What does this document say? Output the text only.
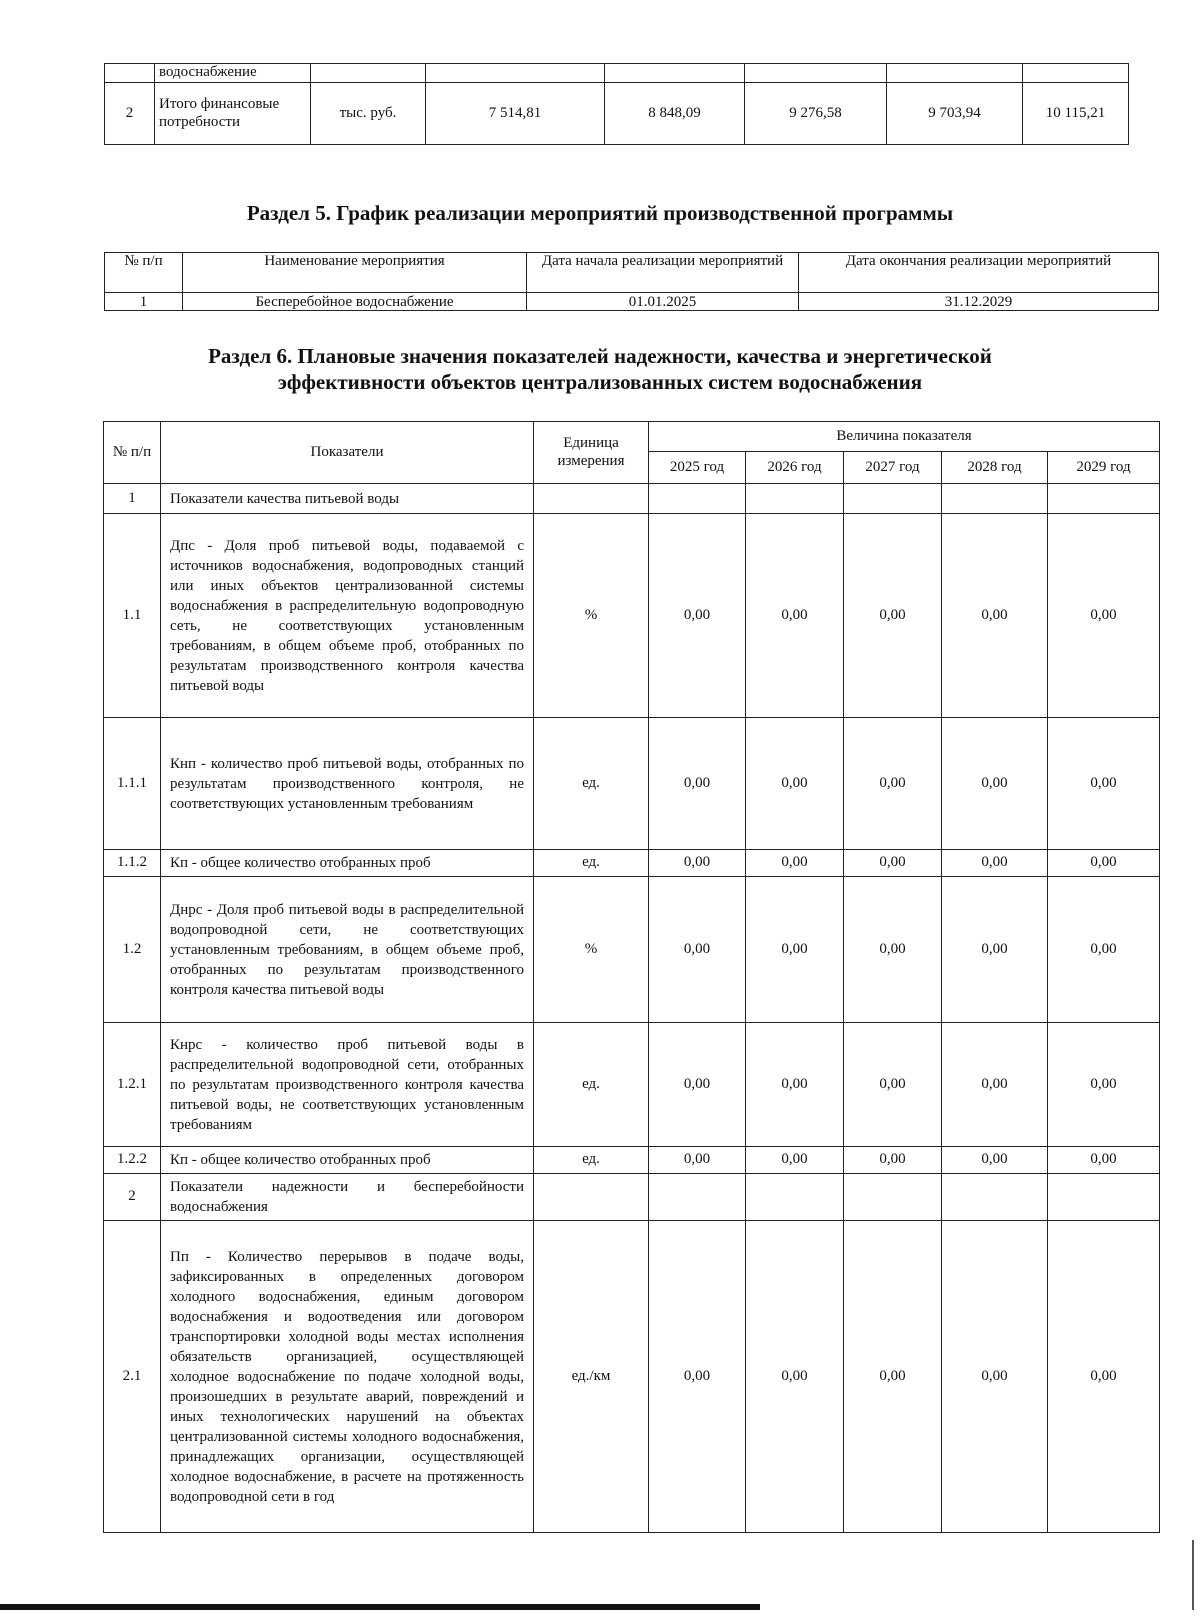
	водоснабжение						
2	Итого финансовые потребности	тыс. руб.	7 514,81	8 848,09	9 276,58	9 703,94	10 115,21
Раздел 5. График реализации мероприятий производственной программы
№ п/п	Наименование мероприятия	Дата начала реализации мероприятий	Дата окончания реализации мероприятий
1	Бесперебойное водоснабжение	01.01.2025	31.12.2029
Раздел 6. Плановые значения показателей надежности, качества и энергетической
эффективности объектов централизованных систем водоснабжения
№ п/п	Показатели	Единица измерения	Величина показателя				
			2025 год	2026 год	2027 год	2028 год	2029 год
1	Показатели качества питьевой воды						
1.1	Дпс - Доля проб питьевой воды, подаваемой с источников водоснабжения, водопроводных станций или иных объектов централизованной системы водоснабжения в распределительную водопроводную сеть, не соответствующих установленным требованиям, в общем объеме проб, отобранных по результатам производственного контроля качества питьевой воды	%	0,00	0,00	0,00	0,00	0,00
1.1.1	Кнп - количество проб питьевой воды, отобранных по результатам производственного контроля, не соответствующих установленным требованиям	ед.	0,00	0,00	0,00	0,00	0,00
1.1.2	Кп - общее количество отобранных проб	ед.	0,00	0,00	0,00	0,00	0,00
1.2	Днрс - Доля проб питьевой воды в распределительной водопроводной сети, не соответствующих установленным требованиям, в общем объеме проб, отобранных по результатам производственного контроля качества питьевой воды	%	0,00	0,00	0,00	0,00	0,00
1.2.1	Кнрс - количество проб питьевой воды в распределительной водопроводной сети, отобранных по результатам производственного контроля качества питьевой воды, не соответствующих установленным требованиям	ед.	0,00	0,00	0,00	0,00	0,00
1.2.2	Кп - общее количество отобранных проб	ед.	0,00	0,00	0,00	0,00	0,00
2	Показатели надежности и бесперебойности водоснабжения						
2.1	Пп - Количество перерывов в подаче воды, зафиксированных в определенных договором холодного водоснабжения, единым договором водоснабжения и водоотведения или договором транспортировки холодной воды местах исполнения обязательств организацией, осуществляющей холодное водоснабжение по подаче холодной воды, произошедших в результате аварий, повреждений и иных технологических нарушений на объектах централизованной системы холодного водоснабжения, принадлежащих организации, осуществляющей холодное водоснабжение, в расчете на протяженность водопроводной сети в год	ед./км	0,00	0,00	0,00	0,00	0,00
